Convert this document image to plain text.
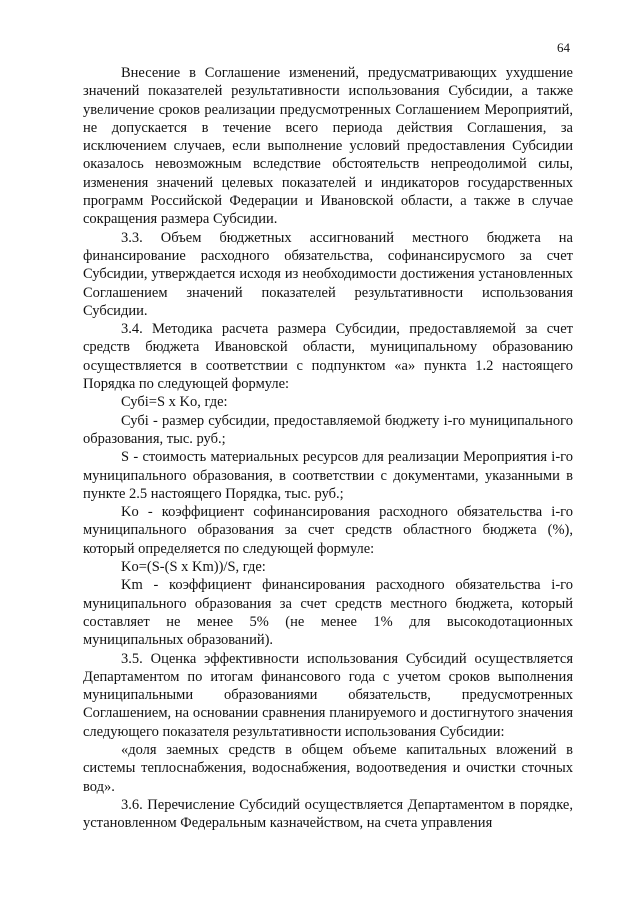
64

Внесение в Соглашение изменений, предусматривающих ухудшение значений показателей результативности использования Субсидии, а также увеличение сроков реализации предусмотренных Соглашением Мероприятий, не допускается в течение всего периода действия Соглашения, за исключением случаев, если выполнение условий предоставления Субсидии оказалось невозможным вследствие обстоятельств непреодолимой силы, изменения значений целевых показателей и индикаторов государственных программ Российской Федерации и Ивановской области, а также в случае сокращения размера Субсидии.

3.3. Объем бюджетных ассигнований местного бюджета на финансирование расходного обязательства, софинансирусмого за счет Субсидии, утверждается исходя из необходимости достижения установленных Соглашением значений показателей результативности использования Субсидии.

3.4. Методика расчета размера Субсидии, предоставляемой за счет средств бюджета Ивановской области, муниципальному образованию осуществляется в соответствии с подпунктом «а» пункта 1.2 настоящего Порядка по следующей формуле:

Субi=S x Ko, где:

Субi - размер субсидии, предоставляемой бюджету i-го муниципального образования, тыс. руб.;

S - стоимость материальных ресурсов для реализации Мероприятия i-го муниципального образования, в соответствии с документами, указанными в пункте 2.5 настоящего Порядка, тыс. руб.;

Ko - коэффициент софинансирования расходного обязательства i-го муниципального образования за счет средств областного бюджета (%), который определяется по следующей формуле:

Ko=(S-(S x Km))/S, где:

Km - коэффициент финансирования расходного обязательства i-го муниципального образования за счет средств местного бюджета, который составляет не менее 5% (не менее 1% для высокодотационных муниципальных образований).

3.5. Оценка эффективности использования Субсидий осуществляется Департаментом по итогам финансового года с учетом сроков выполнения муниципальными образованиями обязательств, предусмотренных Соглашением, на основании сравнения планируемого и достигнутого значения следующего показателя результативности использования Субсидии:

«доля заемных средств в общем объеме капитальных вложений в системы теплоснабжения, водоснабжения, водоотведения и очистки сточных вод».

3.6. Перечисление Субсидий осуществляется Департаментом в порядке, установленном Федеральным казначейством, на счета управления
